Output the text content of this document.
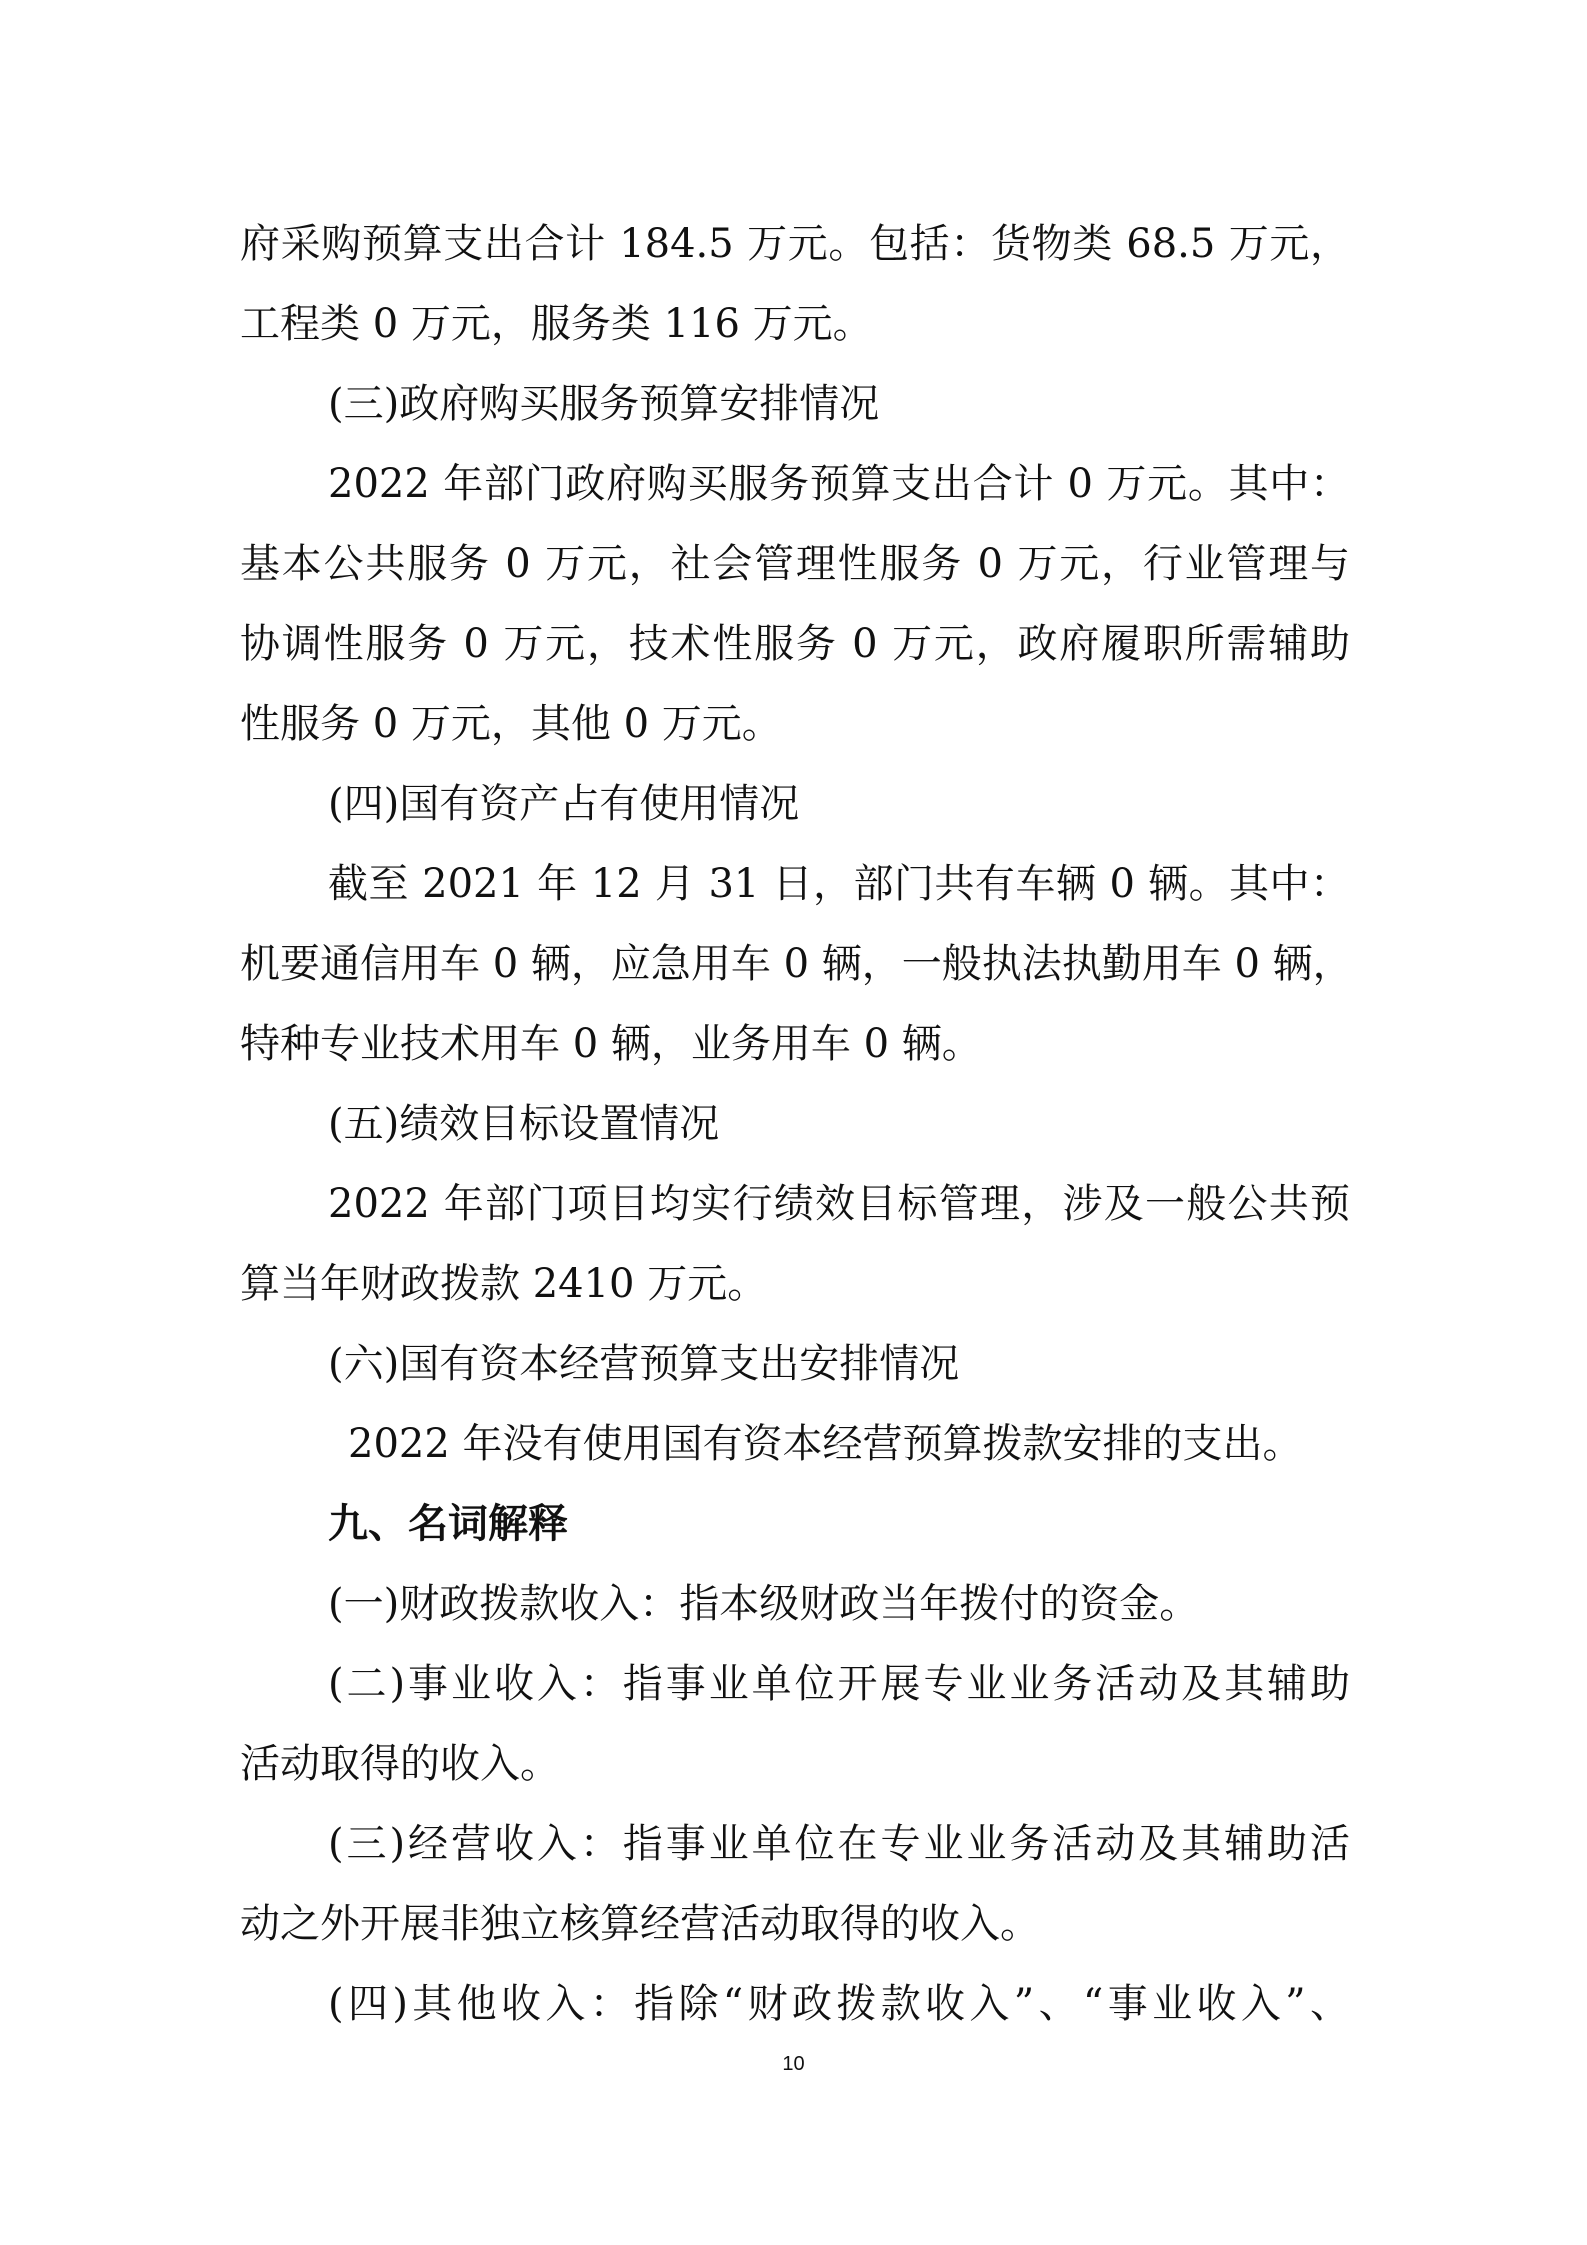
府采购预算支出合计 184.5 万元。包括：货物类 68.5 万元，
工程类 0 万元，服务类 116 万元。
(三)政府购买服务预算安排情况
2022 年部门政府购买服务预算支出合计 0 万元。其中：
基本公共服务 0 万元，社会管理性服务 0 万元，行业管理与
协调性服务 0 万元，技术性服务 0 万元，政府履职所需辅助
性服务 0 万元，其他 0 万元。
(四)国有资产占有使用情况
截至 2021 年 12 月 31 日，部门共有车辆 0 辆。其中：
机要通信用车 0 辆，应急用车 0 辆，一般执法执勤用车 0 辆，
特种专业技术用车 0 辆，业务用车 0 辆。
(五)绩效目标设置情况
2022 年部门项目均实行绩效目标管理，涉及一般公共预
算当年财政拨款 2410 万元。
(六)国有资本经营预算支出安排情况
2022 年没有使用国有资本经营预算拨款安排的支出。
九、名词解释
(一)财政拨款收入：指本级财政当年拨付的资金。
(二)事业收入：指事业单位开展专业业务活动及其辅助
活动取得的收入。
(三)经营收入：指事业单位在专业业务活动及其辅助活
动之外开展非独立核算经营活动取得的收入。
(四)其他收入：指除“财政拨款收入”、“事业收入”、
10
